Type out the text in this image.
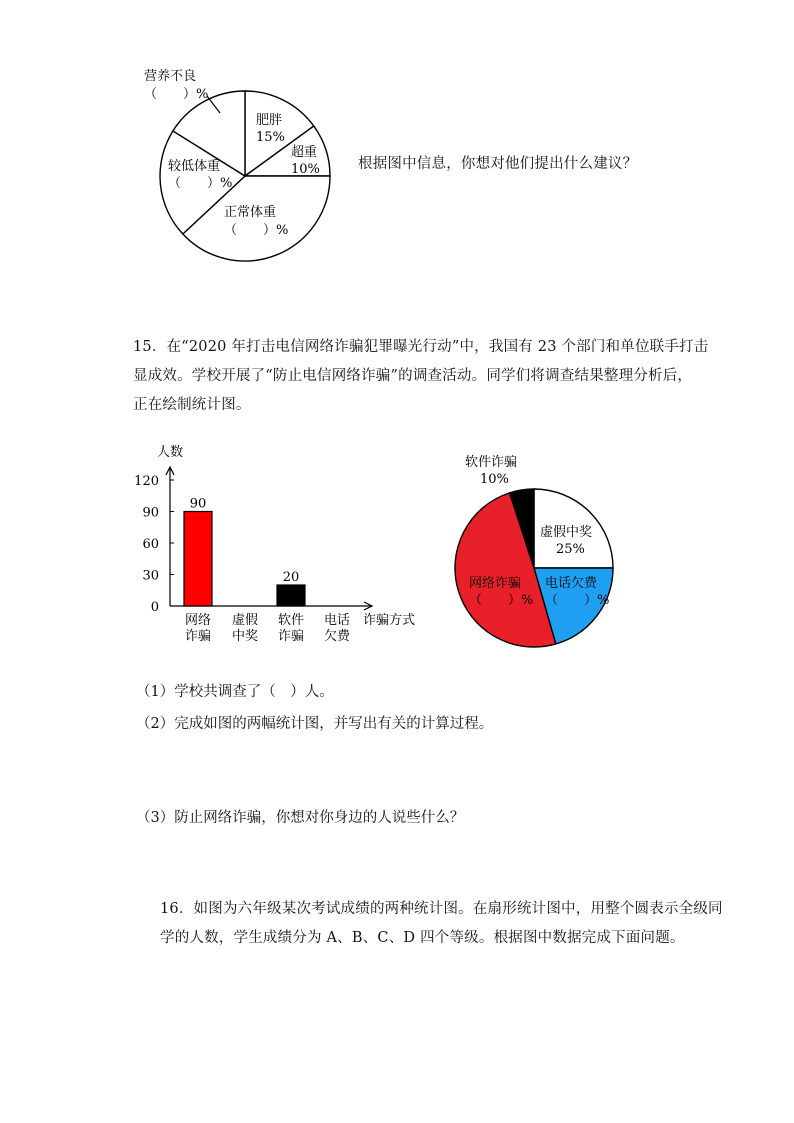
营养不良
（　　）%
肥胖
15%
超重
10%
较低体重
（　　）%
正常体重
（　　）%
根据图中信息，你想对他们提出什么建议？
15．在“2020 年打击电信网络诈骗犯罪曝光行动”中，我国有 23 个部门和单位联手打击
显成效。学校开展了“防止电信网络诈骗”的调查活动。同学们将调查结果整理分析后，
正在绘制统计图。
人数
0
30
60
90
120
90
20
网络
诈骗
虚假
中奖
软件
诈骗
电话
欠费
诈骗方式
软件诈骗
10%
虚假中奖
25%
电话欠费
（　　）%
网络诈骗
（　　）%
（1）学校共调查了（　）人。
（2）完成如图的两幅统计图，并写出有关的计算过程。
（3）防止网络诈骗，你想对你身边的人说些什么？
16．如图为六年级某次考试成绩的两种统计图。在扇形统计图中，用整个圆表示全级同
学的人数，学生成绩分为 A、B、C、D 四个等级。根据图中数据完成下面问题。
